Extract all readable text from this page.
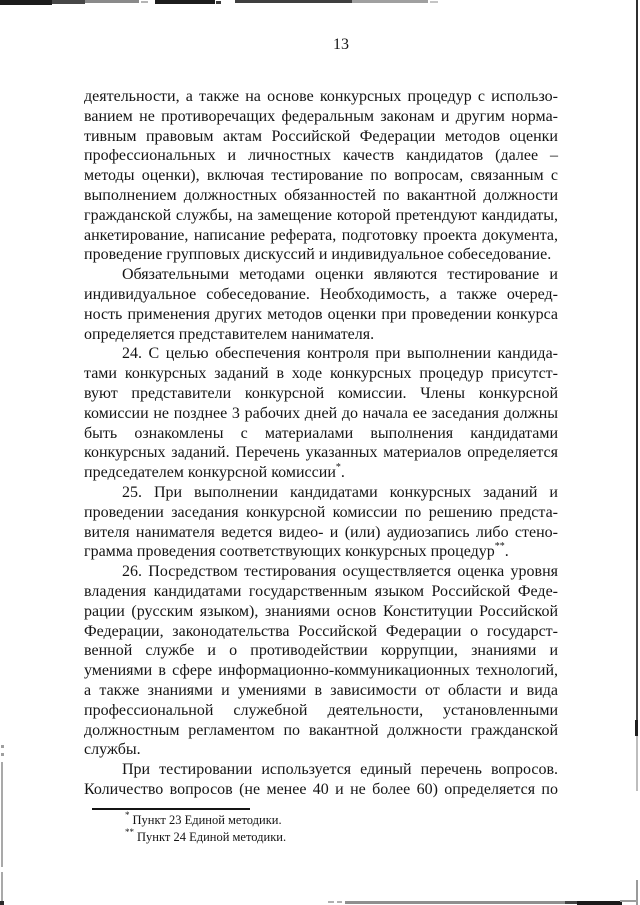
13
деятельности, а также на основе конкурсных процедур с использо-
ванием не противоречащих федеральным законам и другим норма-
тивным правовым актам Российской Федерации методов оценки
профессиональных и личностных качеств кандидатов (далее –
методы оценки), включая тестирование по вопросам, связанным с
выполнением должностных обязанностей по вакантной должности
гражданской службы, на замещение которой претендуют кандидаты,
анкетирование, написание реферата, подготовку проекта документа,
проведение групповых дискуссий и индивидуальное собеседование.
Обязательными методами оценки являются тестирование и
индивидуальное собеседование. Необходимость, а также очеред-
ность применения других методов оценки при проведении конкурса
определяется представителем нанимателя.
24. С целью обеспечения контроля при выполнении кандида-
тами конкурсных заданий в ходе конкурсных процедур присутст-
вуют представители конкурсной комиссии. Члены конкурсной
комиссии не позднее 3 рабочих дней до начала ее заседания должны
быть ознакомлены с материалами выполнения кандидатами
конкурсных заданий. Перечень указанных материалов определяется
председателем конкурсной комиссии*.
25. При выполнении кандидатами конкурсных заданий и
проведении заседания конкурсной комиссии по решению предста-
вителя нанимателя ведется видео- и (или) аудиозапись либо стено-
грамма проведения соответствующих конкурсных процедур**.
26. Посредством тестирования осуществляется оценка уровня
владения кандидатами государственным языком Российской Феде-
рации (русским языком), знаниями основ Конституции Российской
Федерации, законодательства Российской Федерации о государст-
венной службе и о противодействии коррупции, знаниями и
умениями в сфере информационно-коммуникационных технологий,
а также знаниями и умениями в зависимости от области и вида
профессиональной служебной деятельности, установленными
должностным регламентом по вакантной должности гражданской
службы.
При тестировании используется единый перечень вопросов.
Количество вопросов (не менее 40 и не более 60) определяется по
* Пункт 23 Единой методики.
** Пункт 24 Единой методики.
